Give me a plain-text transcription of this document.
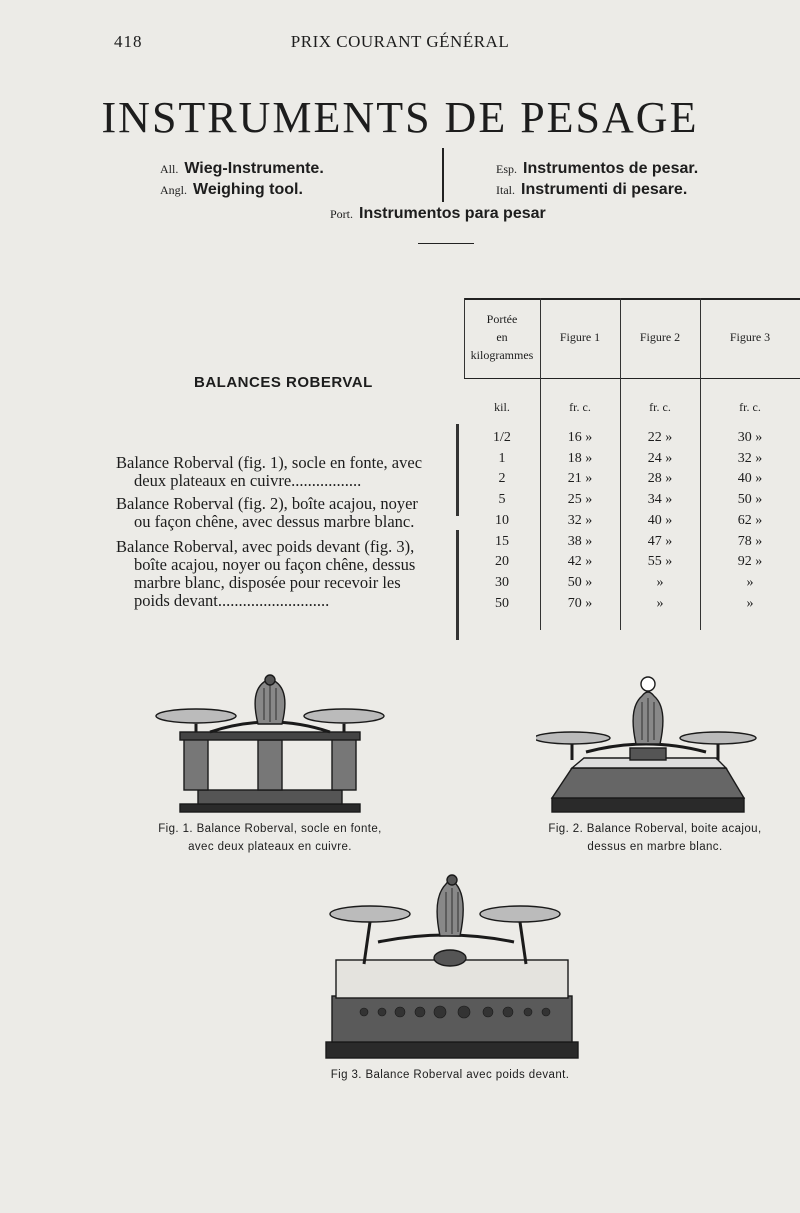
418	PRIX COURANT GÉNÉRAL
INSTRUMENTS DE PESAGE
All. Wieg-Instrumente.
Angl. Weighing tool.
Esp. Instrumentos de pesar.
Ital. Instrumenti di pesare.
Port. Instrumentos para pesar
BALANCES ROBERVAL
Balance Roberval (fig. 1), socle en fonte, avec
deux plateaux en cuivre.................
Balance Roberval (fig. 2), boîte acajou, noyer
ou façon chêne, avec dessus marbre blanc.
Balance Roberval, avec poids devant (fig. 3),
boîte acajou, noyer ou façon chêne, dessus
marbre blanc, disposée pour recevoir les
poids devant...........................
Portée
en
kilogrammes
Figure 1	Figure 2	Figure 3
kil.	fr. c.	fr. c.	fr. c.
1/2	16 »	22 »	30 »
1	18 »	24 »	32 »
2	21 »	28 »	40 »
5	25 »	34 »	50 »
10	32 »	40 »	62 »
15	38 »	47 »	78 »
20	42 »	55 »	92 »
30	50 »	»	»
50	70 »	»	»
Fig. 1. Balance Roberval, socle en fonte,
avec deux plateaux en cuivre.
Fig. 2. Balance Roberval, boite acajou,
dessus en marbre blanc.
Fig 3. Balance Roberval avec poids devant.
